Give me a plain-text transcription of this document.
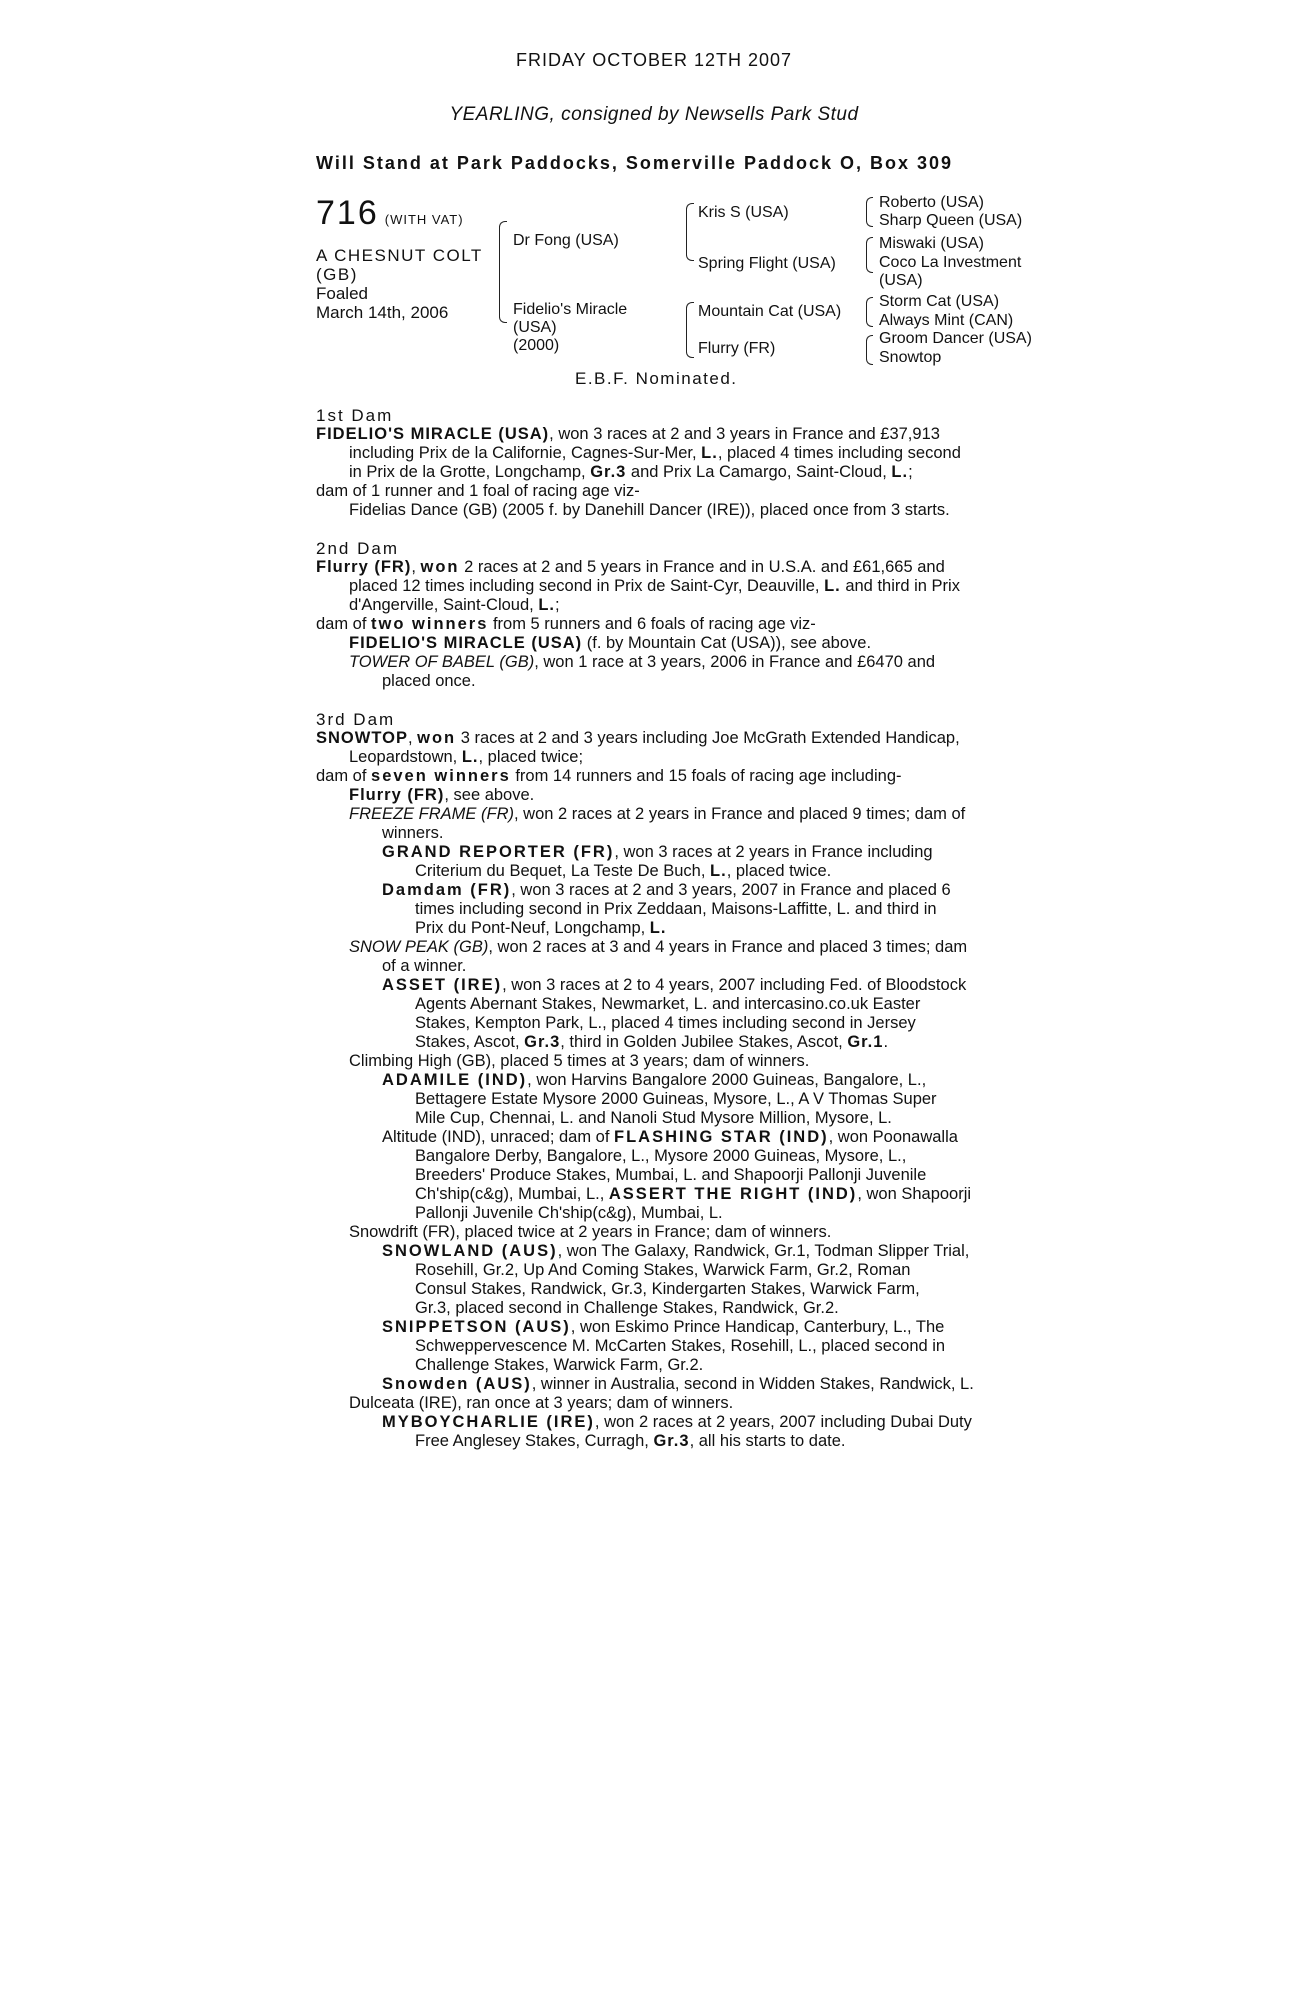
FRIDAY OCTOBER 12TH 2007
YEARLING, consigned by Newsells Park Stud
Will Stand at Park Paddocks, Somerville Paddock O, Box 309
716 (WITH VAT)
A CHESNUT COLT
(GB)
Foaled
March 14th, 2006
Dr Fong (USA)
Fidelio's Miracle
(USA)
(2000)
Kris S (USA)
Spring Flight (USA)
Mountain Cat (USA)
Flurry (FR)
Roberto (USA)
Sharp Queen (USA)
Miswaki (USA)
Coco La Investment
(USA)
Storm Cat (USA)
Always Mint (CAN)
Groom Dancer (USA)
Snowtop
E.B.F. Nominated.
1st Dam
FIDELIO'S MIRACLE (USA), won 3 races at 2 and 3 years in France and £37,913
including Prix de la Californie, Cagnes-Sur-Mer, L., placed 4 times including second
in Prix de la Grotte, Longchamp, Gr.3 and Prix La Camargo, Saint-Cloud, L.;
dam of 1 runner and 1 foal of racing age viz-
Fidelias Dance (GB) (2005 f. by Danehill Dancer (IRE)), placed once from 3 starts.
2nd Dam
Flurry (FR), won 2 races at 2 and 5 years in France and in U.S.A. and £61,665 and
placed 12 times including second in Prix de Saint-Cyr, Deauville, L. and third in Prix
d'Angerville, Saint-Cloud, L.;
dam of two winners from 5 runners and 6 foals of racing age viz-
FIDELIO'S MIRACLE (USA) (f. by Mountain Cat (USA)), see above.
TOWER OF BABEL (GB), won 1 race at 3 years, 2006 in France and £6470 and
placed once.
3rd Dam
SNOWTOP, won 3 races at 2 and 3 years including Joe McGrath Extended Handicap,
Leopardstown, L., placed twice;
dam of seven winners from 14 runners and 15 foals of racing age including-
Flurry (FR), see above.
FREEZE FRAME (FR), won 2 races at 2 years in France and placed 9 times; dam of
winners.
GRAND REPORTER (FR), won 3 races at 2 years in France including
Criterium du Bequet, La Teste De Buch, L., placed twice.
Damdam (FR), won 3 races at 2 and 3 years, 2007 in France and placed 6
times including second in Prix Zeddaan, Maisons-Laffitte, L. and third in
Prix du Pont-Neuf, Longchamp, L.
SNOW PEAK (GB), won 2 races at 3 and 4 years in France and placed 3 times; dam
of a winner.
ASSET (IRE), won 3 races at 2 to 4 years, 2007 including Fed. of Bloodstock
Agents Abernant Stakes, Newmarket, L. and intercasino.co.uk Easter
Stakes, Kempton Park, L., placed 4 times including second in Jersey
Stakes, Ascot, Gr.3, third in Golden Jubilee Stakes, Ascot, Gr.1.
Climbing High (GB), placed 5 times at 3 years; dam of winners.
ADAMILE (IND), won Harvins Bangalore 2000 Guineas, Bangalore, L.,
Bettagere Estate Mysore 2000 Guineas, Mysore, L., A V Thomas Super
Mile Cup, Chennai, L. and Nanoli Stud Mysore Million, Mysore, L.
Altitude (IND), unraced; dam of FLASHING STAR (IND), won Poonawalla
Bangalore Derby, Bangalore, L., Mysore 2000 Guineas, Mysore, L.,
Breeders' Produce Stakes, Mumbai, L. and Shapoorji Pallonji Juvenile
Ch'ship(c&g), Mumbai, L., ASSERT THE RIGHT (IND), won Shapoorji
Pallonji Juvenile Ch'ship(c&g), Mumbai, L.
Snowdrift (FR), placed twice at 2 years in France; dam of winners.
SNOWLAND (AUS), won The Galaxy, Randwick, Gr.1, Todman Slipper Trial,
Rosehill, Gr.2, Up And Coming Stakes, Warwick Farm, Gr.2, Roman
Consul Stakes, Randwick, Gr.3, Kindergarten Stakes, Warwick Farm,
Gr.3, placed second in Challenge Stakes, Randwick, Gr.2.
SNIPPETSON (AUS), won Eskimo Prince Handicap, Canterbury, L., The
Schweppervescence M. McCarten Stakes, Rosehill, L., placed second in
Challenge Stakes, Warwick Farm, Gr.2.
Snowden (AUS), winner in Australia, second in Widden Stakes, Randwick, L.
Dulceata (IRE), ran once at 3 years; dam of winners.
MYBOYCHARLIE (IRE), won 2 races at 2 years, 2007 including Dubai Duty
Free Anglesey Stakes, Curragh, Gr.3, all his starts to date.
